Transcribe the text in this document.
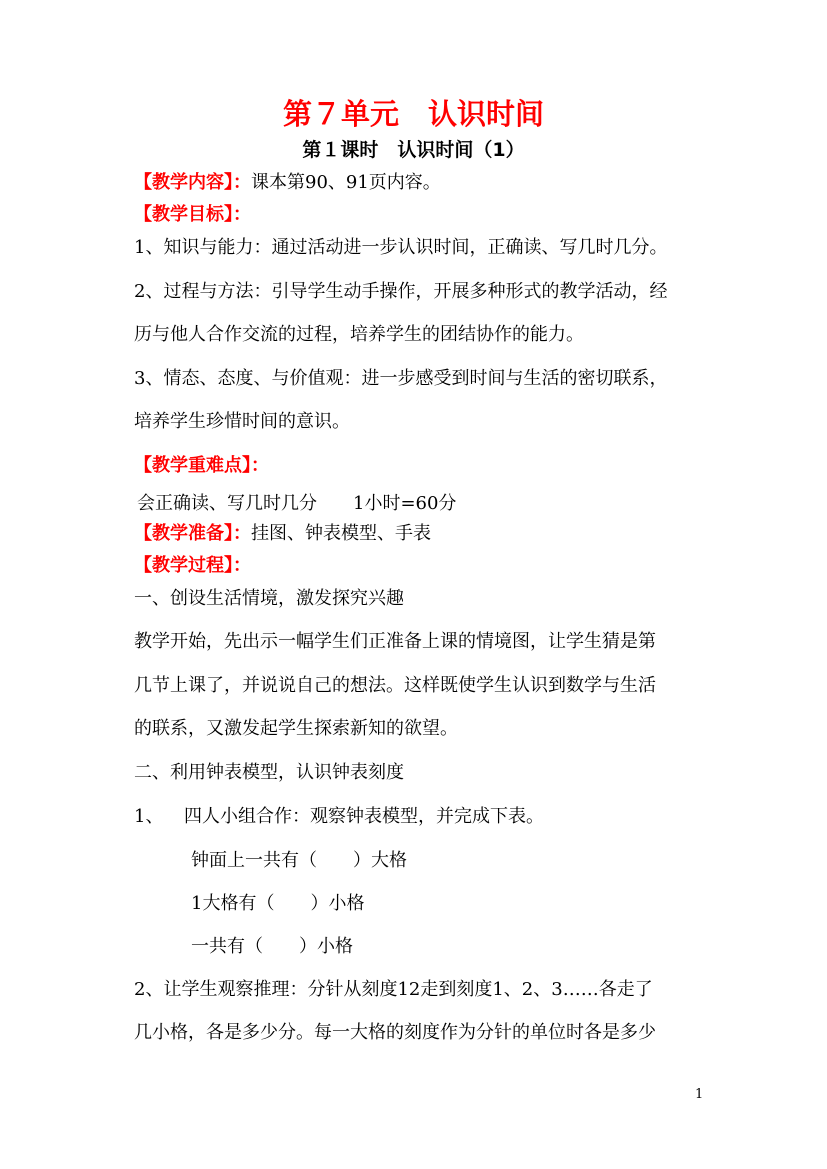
第７单元　认识时间
第１课时　认识时间（1）
【教学内容】：课本第90、91页内容。
【教学目标】：
1、知识与能力：通过活动进一步认识时间，正确读、写几时几分。
2、过程与方法：引导学生动手操作，开展多种形式的教学活动，经
历与他人合作交流的过程，培养学生的团结协作的能力。
3、情态、态度、与价值观：进一步感受到时间与生活的密切联系，
培养学生珍惜时间的意识。
【教学重难点】：
会正确读、写几时几分　　1小时=60分
【教学准备】：挂图、钟表模型、手表
【教学过程】：
一、创设生活情境，激发探究兴趣
教学开始，先出示一幅学生们正准备上课的情境图，让学生猜是第
几节上课了，并说说自己的想法。这样既使学生认识到数学与生活
的联系，又激发起学生探索新知的欲望。
二、利用钟表模型，认识钟表刻度
1、 四人小组合作：观察钟表模型，并完成下表。
钟面上一共有（　　）大格
1大格有（　　）小格
一共有（　　）小格
2、让学生观察推理：分针从刻度12走到刻度1、2、3……各走了
几小格，各是多少分。每一大格的刻度作为分针的单位时各是多少
1
